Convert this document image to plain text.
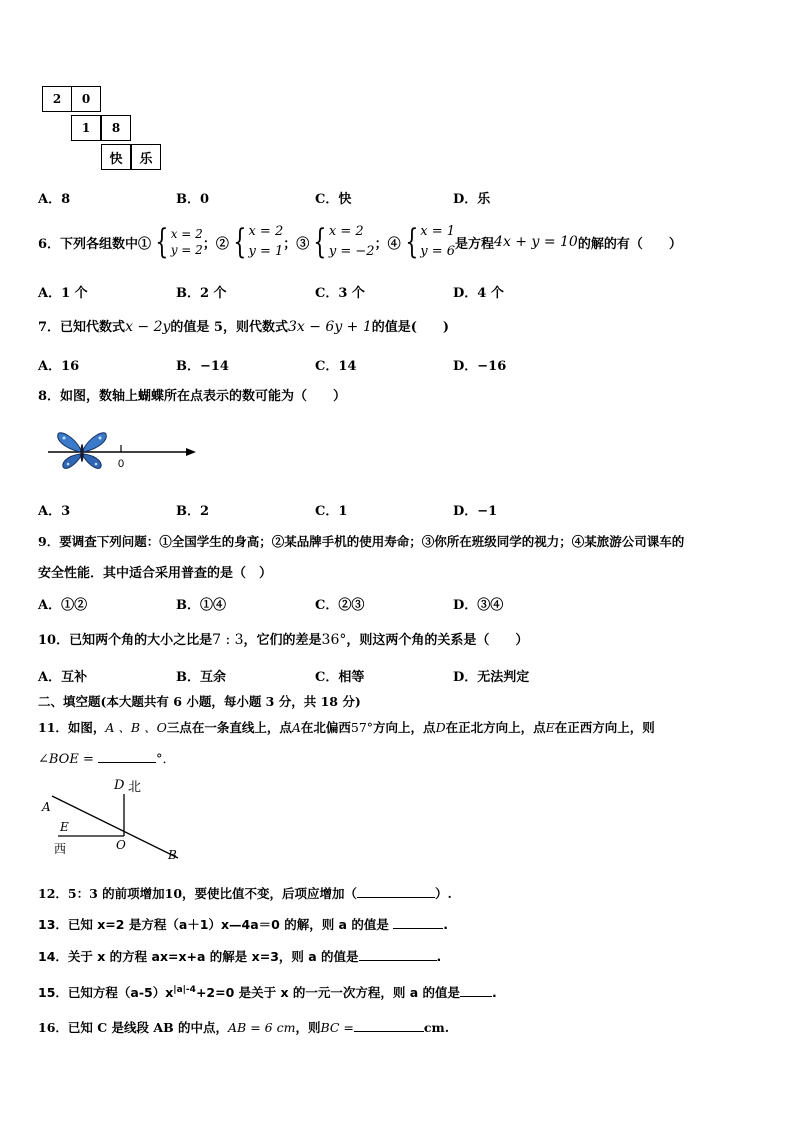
2	0
1	8
快	乐
A．8	B．0	C．快	D．乐
6． 下列各组数中① { x = 2
y = 2 ；② { x = 2
y = 1 ；③ { x = 2
y = −2 ；④ { x = 1
y = 6 是方程 4x + y = 10 的解的有（　　）
A．1 个	B．2 个	C．3 个	D．4 个
7．已知代数式x − 2y的值是 5，则代数式3x − 6y + 1的值是(　　)
A．16	B．−14	C．14	D．−16
8．如图，数轴上蝴蝶所在点表示的数可能为（　　）
0
A．3	B．2	C．1	D．−1
9．要调查下列问题：①全国学生的身高；②某品牌手机的使用寿命；③你所在班级同学的视力；④某旅游公司课车的
安全性能．其中适合采用普查的是（　）
A．①②	B．①④	C．②③	D．③④
10．已知两个角的大小之比是7 : 3，它们的差是36°，则这两个角的关系是（　　）
A．互补	B．互余	C．相等	D．无法判定
二、填空题(本大题共有 6 小题，每小题 3 分，共 18 分)
11．如图，A 、B 、O三点在一条直线上，点A在北偏西57°方向上，点D在正北方向上，点E在正西方向上，则
∠BOE =	°．
D 北
A
E
西	O
B
12．5：3 的前项增加10，要使比值不变，后项应增加（	）.
13．已知 x=2 是方程（a＋1）x—4a＝0 的解，则 a 的值是	.
14．关于 x 的方程 ax=x+a 的解是 x=3，则 a 的值是	.
15．已知方程$(a-5)x^{|a|-4}+2=0$ 是关于 x 的一元一次方程，则 a 的值是	.
16．已知 C 是线段 AB 的中点，AB = 6 cm，则BC =	cm.
